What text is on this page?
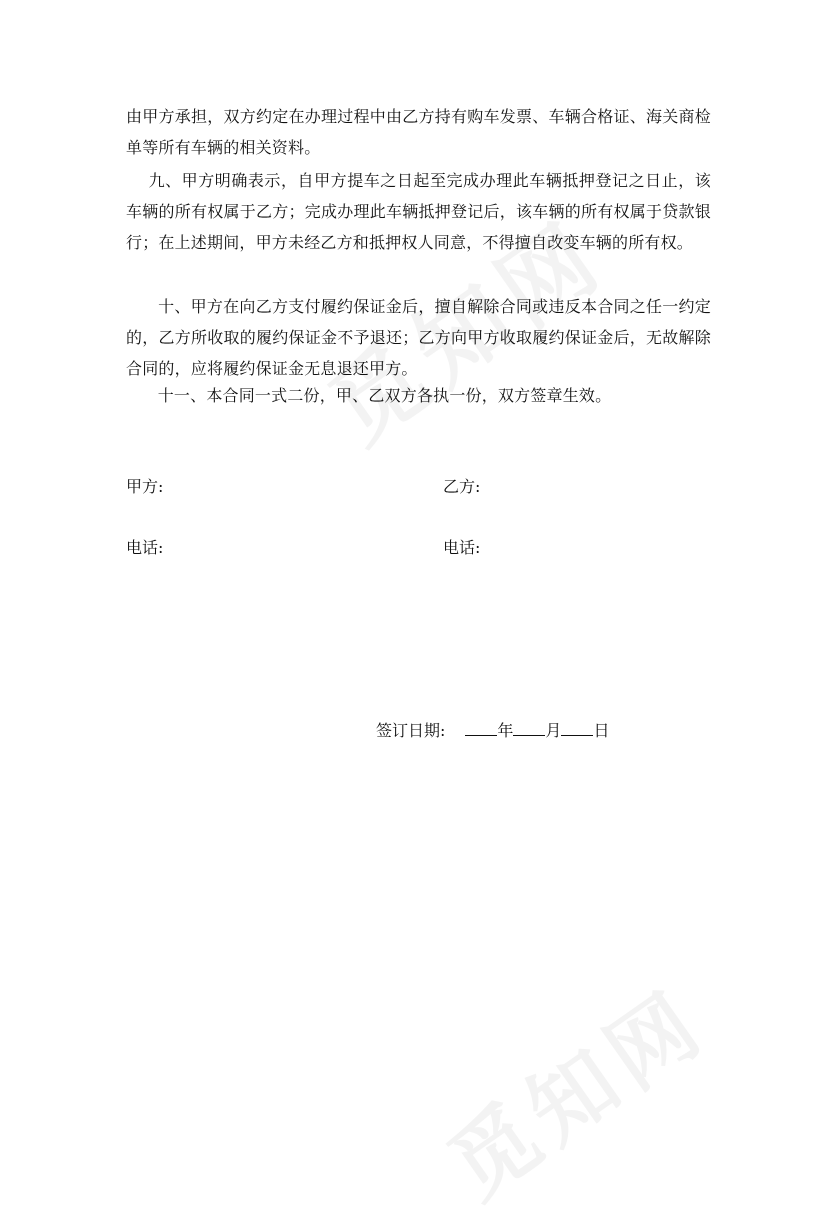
由甲方承担，双方约定在办理过程中由乙方持有购车发票、车辆合格证、海关商检单等所有车辆的相关资料。
九、甲方明确表示，自甲方提车之日起至完成办理此车辆抵押登记之日止，该车辆的所有权属于乙方；完成办理此车辆抵押登记后，该车辆的所有权属于贷款银行；在上述期间，甲方未经乙方和抵押权人同意，不得擅自改变车辆的所有权。
十、甲方在向乙方支付履约保证金后，擅自解除合同或违反本合同之任一约定的，乙方所收取的履约保证金不予退还；乙方向甲方收取履约保证金后，无故解除合同的，应将履约保证金无息退还甲方。
十一、本合同一式二份，甲、乙双方各执一份，双方签章生效。
甲方:	乙方:
电话:	电话:
签订日期:	年 月 日
